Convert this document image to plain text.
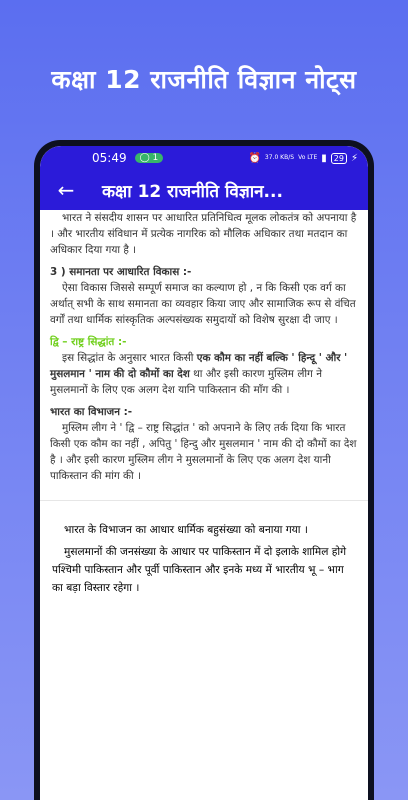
कक्षा 12 राजनीति विज्ञान नोट्स
05:49	◯ 1	⏰ 37.0 KB/S Vo LTE ▮ 29 ⚡
←	कक्षा 12 राजनीति विज्ञान...

भारत ने संसदीय शासन पर आधारित प्रतिनिधित्व मूलक लोकतंत्र को अपनाया है । और भारतीय संविधान में प्रत्येक नागरिक को मौलिक अधिकार तथा मतदान का अधिकार दिया गया है ।

3 ) समानता पर आधारित विकास :-

ऐसा विकास जिससे सम्पूर्ण समाज का कल्याण हो , न कि किसी एक वर्ग का अर्थात् सभी के साथ समानता का व्यवहार किया जाए और सामाजिक रूप से वंचित वर्गों तथा धार्मिक सांस्कृतिक अल्पसंख्यक समुदायों को विशेष सुरक्षा दी जाए ।

द्वि – राष्ट्र सिद्धांत :-

इस सिद्धांत के अनुसार भारत किसी एक कौम का नहीं बल्कि ' हिन्दू ' और ' मुसलमान ' नाम की दो कौमों का देश था और इसी कारण मुस्लिम लीग ने मुसलमानों के लिए एक अलग देश यानि पाकिस्तान की माँग की ।

भारत का विभाजन :-

मुस्लिम लीग ने ' द्वि – राष्ट्र सिद्धांत ' को अपनाने के लिए तर्क दिया कि भारत किसी एक कौम का नहीं , अपितु ' हिन्दु और मुसलमान ' नाम की दो कौमों का देश है । और इसी कारण मुस्लिम लीग ने मुसलमानों के लिए एक अलग देश यानी पाकिस्तान की मांग की ।

भारत के विभाजन का आधार धार्मिक बहुसंख्या को बनाया गया ।

मुसलमानों की जनसंख्या के आधार पर पाकिस्तान में दो इलाके शामिल होगे पश्चिमी पाकिस्तान और पूर्वी पाकिस्तान और इनके मध्य में भारतीय भू – भाग का बड़ा विस्तार रहेगा ।
